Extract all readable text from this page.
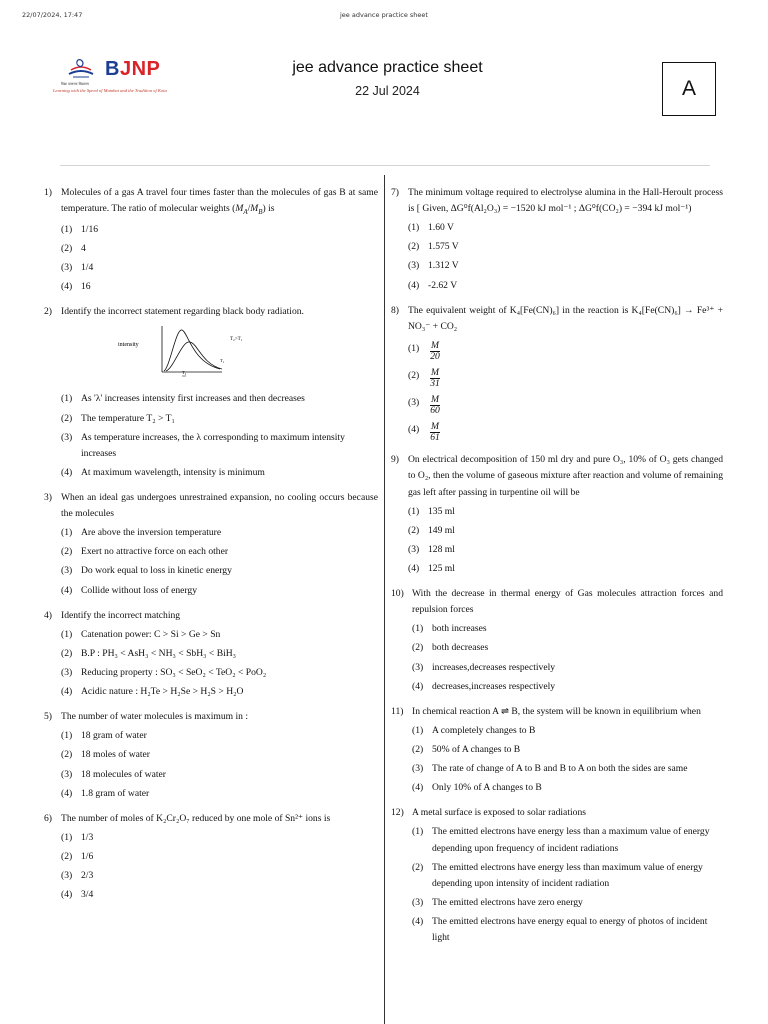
22/07/2024, 17:47	jee advance practice sheet
BJNP
विद्या प्रसारक विद्यालय
Learning with the Speed of Mumbai and the Tradition of Kota
jee advance practice sheet
22 Jul 2024	A
1) Molecules of a gas A travel four times faster than the molecules of gas B at same temperature. The ratio of molecular weights $(M_A/M_B)$ is
(1) 1/16
(2) 4
(3) 1/4
(4) 16
2) Identify the incorrect statement regarding black body radiation.
intensity
T₂>T₁
T₂
T₁
(1) As 'λ' increases intensity first increases and then decreases
(2) The temperature T₂ > T₁
(3) As temperature increases, the λ corresponding to maximum intensity increases
(4) At maximum wavelength, intensity is minimum
3) When an ideal gas undergoes unrestrained expansion, no cooling occurs because the molecules
(1) Are above the inversion temperature
(2) Exert no attractive force on each other
(3) Do work equal to loss in kinetic energy
(4) Collide without loss of energy
4) Identify the incorrect matching
(1) Catenation power: C > Si > Ge > Sn
(2) B.P : PH₃ < AsH₃ < NH₃ < SbH₃ < BiH₃
(3) Reducing property : SO₃ < SeO₂ < TeO₂ < PoO₂
(4) Acidic nature : H₂Te > H₂Se > H₂S > H₂O
5) The number of water molecules is maximum in :
(1) 18 gram of water
(2) 18 moles of water
(3) 18 molecules of water
(4) 1.8 gram of water
6) The number of moles of K₂Cr₂O₇ reduced by one mole of Sn²⁺ ions is
(1) 1/3
(2) 1/6
(3) 2/3
(4) 3/4
7) The minimum voltage required to electrolyse alumina in the Hall-Heroult process is [ Given, ΔG⁰f(Al₂O₃) = −1520 kJ mol⁻¹ ; ΔG⁰f(CO₂) = −394 kJ mol⁻¹)
(1) 1.60 V
(2) 1.575 V
(3) 1.312 V
(4) -2.62 V
8) The equivalent weight of K₄[Fe(CN)₆] in the reaction is K₄[Fe(CN)₆] → Fe³⁺ + NO₃⁻ + CO₂
(1)	$\frac{M}{20}$
(2)	$\frac{M}{31}$
(3)	$\frac{M}{60}$
(4)	$\frac{M}{61}$
9) On electrical decomposition of 150 ml dry and pure O₃, 10% of O₃ gets changed to O₂, then the volume of gaseous mixture after reaction and volume of remaining gas left after passing in turpentine oil will be
(1) 135 ml
(2) 149 ml
(3) 128 ml
(4) 125 ml
10) With the decrease in thermal energy of Gas molecules attraction forces and repulsion forces
(1) both increases
(2) both decreases
(3) increases,decreases respectively
(4) decreases,increases respectively
11) In chemical reaction A ⇌ B, the system will be known in equilibrium when
(1) A completely changes to B
(2) 50% of A changes to B
(3) The rate of change of A to B and B to A on both the sides are same
(4) Only 10% of A changes to B
12) A metal surface is exposed to solar radiations
(1) The emitted electrons have energy less than a maximum value of energy depending upon frequency of incident radiations
(2) The emitted electrons have energy less than maximum value of energy depending upon intensity of incident radiation
(3) The emitted electrons have zero energy
(4) The emitted electrons have energy equal to energy of photos of incident light
